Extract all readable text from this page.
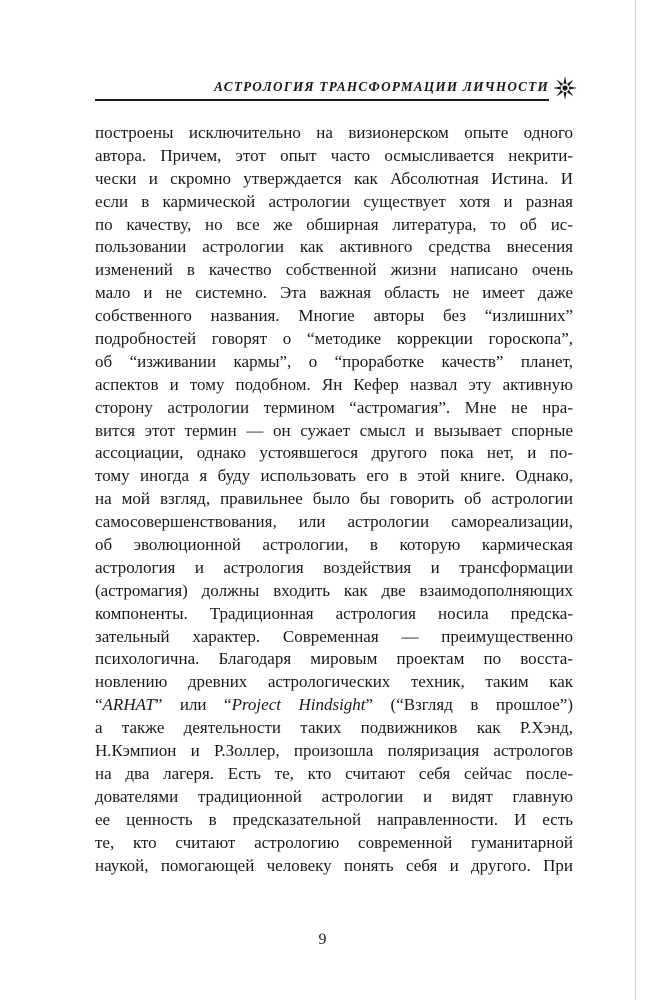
АСТРОЛОГИЯ ТРАНСФОРМАЦИИ ЛИЧНОСТИ
построены исключительно на визионерском опыте одного
автора. Причем, этот опыт часто осмысливается некрити-
чески и скромно утверждается как Абсолютная Истина. И
если в кармической астрологии существует хотя и разная
по качеству, но все же обширная литература, то об ис-
пользовании астрологии как активного средства внесения
изменений в качество собственной жизни написано очень
мало и не системно. Эта важная область не имеет даже
собственного названия. Многие авторы без “излишних”
подробностей говорят о “методике коррекции гороскопа”,
об “изживании кармы”, о “проработке качеств” планет,
аспектов и тому подобном. Ян Кефер назвал эту активную
сторону астрологии термином “астромагия”. Мне не нра-
вится этот термин — он сужает смысл и вызывает спорные
ассоциации, однако устоявшегося другого пока нет, и по-
тому иногда я буду использовать его в этой книге. Однако,
на мой взгляд, правильнее было бы говорить об астрологии
самосовершенствования, или астрологии самореализации,
об эволюционной астрологии, в которую кармическая
астрология и астрология воздействия и трансформации
(астромагия) должны входить как две взаимодополняющих
компоненты. Традиционная астрология носила предска-
зательный характер. Современная — преимущественно
психологична. Благодаря мировым проектам по восста-
новлению древних астрологических техник, таким как
“ARHAT” или “Project Hindsight” (“Взгляд в прошлое”)
а также деятельности таких подвижников как Р.Хэнд,
Н.Кэмпион и Р.Золлер, произошла поляризация астрологов
на два лагеря. Есть те, кто считают себя сейчас после-
дователями традиционной астрологии и видят главную
ее ценность в предсказательной направленности. И есть
те, кто считают астрологию современной гуманитарной
наукой, помогающей человеку понять себя и другого. При
9
